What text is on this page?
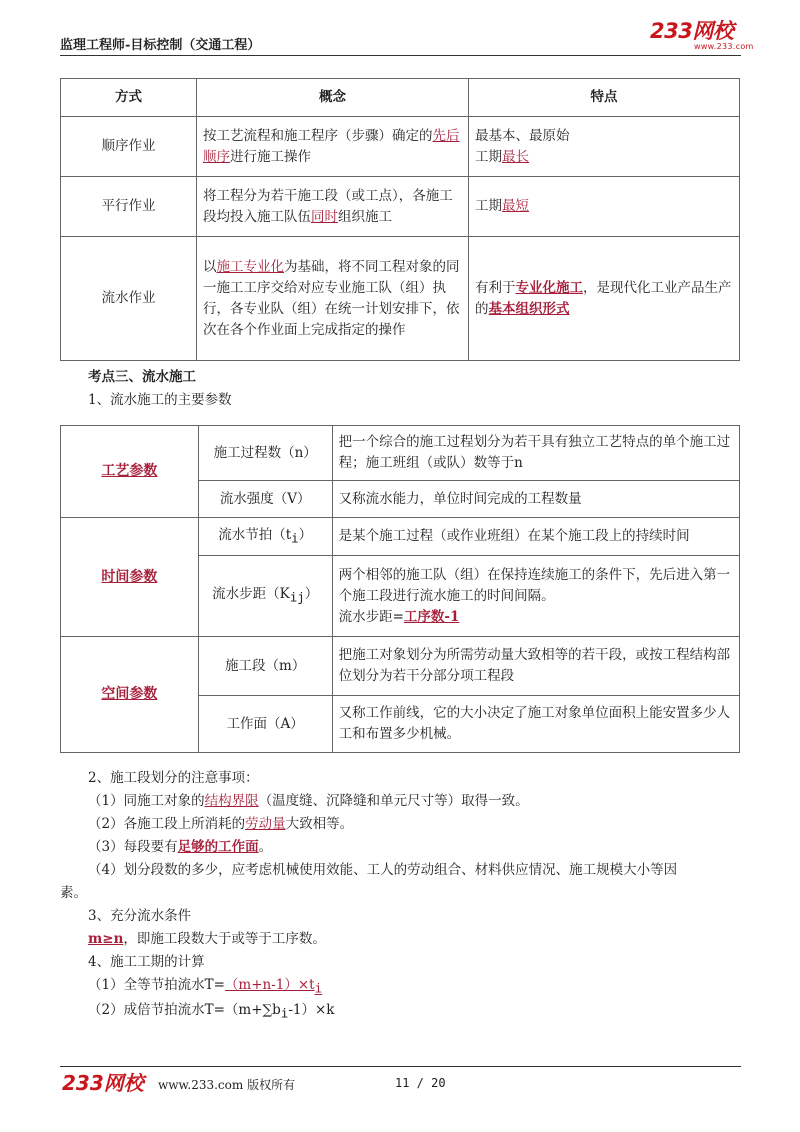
监理工程师-目标控制（交通工程）
233网校
www.233.com
方式	概念	特点
顺序作业	按工艺流程和施工程序（步骤）确定的先后顺序进行施工操作	最基本、最原始
工期最长
平行作业	将工程分为若干施工段（或工点），各施工段均投入施工队伍同时组织施工	工期最短
流水作业	以施工专业化为基础，将不同工程对象的同一施工工序交给对应专业施工队（组）执行，各专业队（组）在统一计划安排下，依次在各个作业面上完成指定的操作	有利于专业化施工，是现代化工业产品生产的基本组织形式
考点三、流水施工
1、流水施工的主要参数
工艺参数	施工过程数（n）	把一个综合的施工过程划分为若干具有独立工艺特点的单个施工过程；施工班组（或队）数等于n
	流水强度（V）	又称流水能力，单位时间完成的工程数量
时间参数	流水节拍$(t_i)$	是某个施工过程（或作业班组）在某个施工段上的持续时间
	流水步距$(K_{ij})$	两个相邻的施工队（组）在保持连续施工的条件下，先后进入第一个施工段进行流水施工的时间间隔。
流水步距=工序数-1
空间参数	施工段（m）	把施工对象划分为所需劳动量大致相等的若干段，或按工程结构部位划分为若干分部分项工程段
	工作面（A）	又称工作前线，它的大小决定了施工对象单位面积上能安置多少人工和布置多少机械。
2、施工段划分的注意事项：
（1）同施工对象的结构界限（温度缝、沉降缝和单元尺寸等）取得一致。
（2）各施工段上所消耗的劳动量大致相等。
（3）每段要有足够的工作面。
（4）划分段数的多少，应考虑机械使用效能、工人的劳动组合、材料供应情况、施工规模大小等因
素。
3、充分流水条件
m≥n，即施工段数大于或等于工序数。
4、施工工期的计算
（1）全等节拍流水$T=(m+n-1)\times t_i$
（2）成倍节拍流水$T=(m+\sum b_i-1)\times k$
233网校 www.233.com 版权所有	11 / 20
